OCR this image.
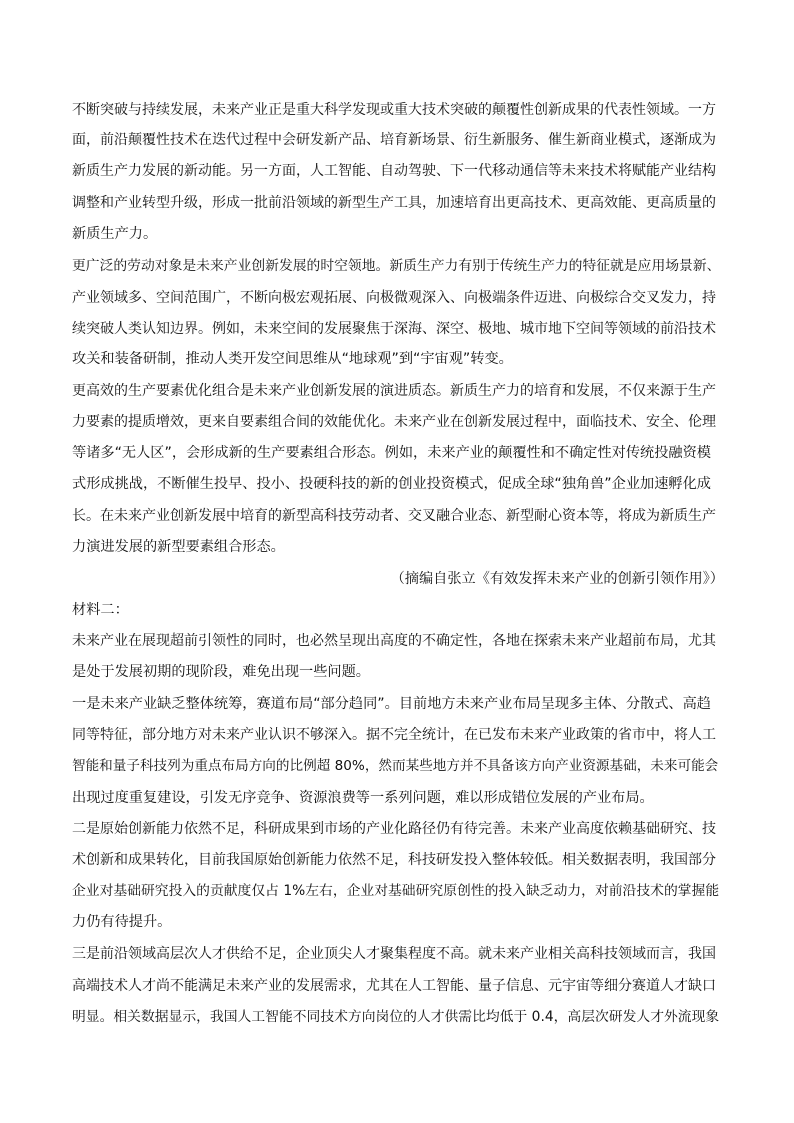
不断突破与持续发展，未来产业正是重大科学发现或重大技术突破的颠覆性创新成果的代表性领域。一方
面，前沿颠覆性技术在迭代过程中会研发新产品、培育新场景、衍生新服务、催生新商业模式，逐渐成为
新质生产力发展的新动能。另一方面，人工智能、自动驾驶、下一代移动通信等未来技术将赋能产业结构
调整和产业转型升级，形成一批前沿领域的新型生产工具，加速培育出更高技术、更高效能、更高质量的
新质生产力。
更广泛的劳动对象是未来产业创新发展的时空领地。新质生产力有别于传统生产力的特征就是应用场景新、
产业领域多、空间范围广，不断向极宏观拓展、向极微观深入、向极端条件迈进、向极综合交叉发力，持
续突破人类认知边界。例如，未来空间的发展聚焦于深海、深空、极地、城市地下空间等领域的前沿技术
攻关和装备研制，推动人类开发空间思维从“地球观”到“宇宙观”转变。
更高效的生产要素优化组合是未来产业创新发展的演进质态。新质生产力的培育和发展，不仅来源于生产
力要素的提质增效，更来自要素组合间的效能优化。未来产业在创新发展过程中，面临技术、安全、伦理
等诸多“无人区”，会形成新的生产要素组合形态。例如，未来产业的颠覆性和不确定性对传统投融资模
式形成挑战，不断催生投早、投小、投硬科技的新的创业投资模式，促成全球“独角兽”企业加速孵化成
长。在未来产业创新发展中培育的新型高科技劳动者、交叉融合业态、新型耐心资本等，将成为新质生产
力演进发展的新型要素组合形态。
（摘编自张立《有效发挥未来产业的创新引领作用》）
材料二：
未来产业在展现超前引领性的同时，也必然呈现出高度的不确定性，各地在探索未来产业超前布局，尤其
是处于发展初期的现阶段，难免出现一些问题。
一是未来产业缺乏整体统筹，赛道布局“部分趋同”。目前地方未来产业布局呈现多主体、分散式、高趋
同等特征，部分地方对未来产业认识不够深入。据不完全统计，在已发布未来产业政策的省市中，将人工
智能和量子科技列为重点布局方向的比例超 80%，然而某些地方并不具备该方向产业资源基础，未来可能会
出现过度重复建设，引发无序竞争、资源浪费等一系列问题，难以形成错位发展的产业布局。
二是原始创新能力依然不足，科研成果到市场的产业化路径仍有待完善。未来产业高度依赖基础研究、技
术创新和成果转化，目前我国原始创新能力依然不足，科技研发投入整体较低。相关数据表明，我国部分
企业对基础研究投入的贡献度仅占 1%左右，企业对基础研究原创性的投入缺乏动力，对前沿技术的掌握能
力仍有待提升。
三是前沿领域高层次人才供给不足，企业顶尖人才聚集程度不高。就未来产业相关高科技领域而言，我国
高端技术人才尚不能满足未来产业的发展需求，尤其在人工智能、量子信息、元宇宙等细分赛道人才缺口
明显。相关数据显示，我国人工智能不同技术方向岗位的人才供需比均低于 0.4，高层次研发人才外流现象
